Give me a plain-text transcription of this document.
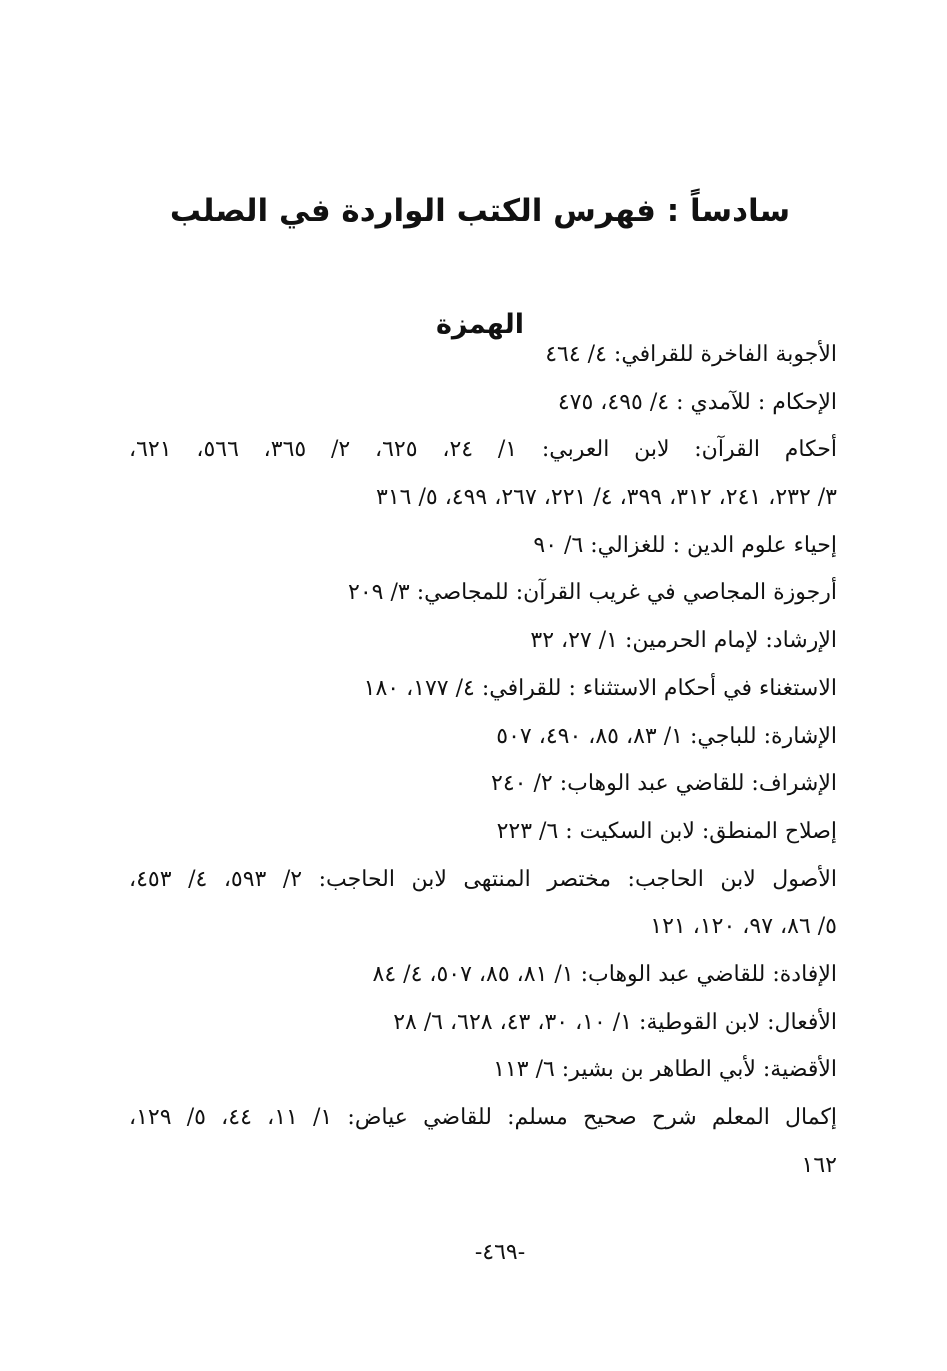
سادساً : فهرس الكتب الواردة في الصلب
الهمزة
الأجوبة الفاخرة للقرافي: ٤/ ٤٦٤
الإحكام : للآمدي : ٤/ ٤٩٥، ٤٧٥
أحكام القرآن: لابن العربي: ١/ ٢٤، ٦٢٥، ٢/ ٣٦٥، ٥٦٦، ٦٢١،
٣/ ٢٣٢، ٢٤١، ٣١٢، ٣٩٩، ٤/ ٢٢١، ٢٦٧، ٤٩٩، ٥/ ٣١٦
إحياء علوم الدين : للغزالي: ٦/ ٩٠
أرجوزة المجاصي في غريب القرآن: للمجاصي: ٣/ ٢٠٩
الإرشاد: لإمام الحرمين: ١/ ٢٧، ٣٢
الاستغناء في أحكام الاستثناء : للقرافي: ٤/ ١٧٧، ١٨٠
الإشارة: للباجي: ١/ ٨٣، ٨٥، ٤٩٠، ٥٠٧
الإشراف: للقاضي عبد الوهاب: ٢/ ٢٤٠
إصلاح المنطق: لابن السكيت : ٦/ ٢٢٣
الأصول لابن الحاجب: مختصر المنتهى لابن الحاجب: ٢/ ٥٩٣، ٤/ ٤٥٣،
٥/ ٨٦، ٩٧، ١٢٠، ١٢١
الإفادة: للقاضي عبد الوهاب: ١/ ٨١، ٨٥، ٥٠٧، ٤/ ٨٤
الأفعال: لابن القوطية: ١/ ١٠، ٣٠، ٤٣، ٦٢٨، ٦/ ٢٨
الأقضية: لأبي الطاهر بن بشير: ٦/ ١١٣
إكمال المعلم شرح صحيح مسلم: للقاضي عياض: ١/ ١١، ٤٤، ٥/ ١٢٩،
١٦٢
-٤٦٩-
